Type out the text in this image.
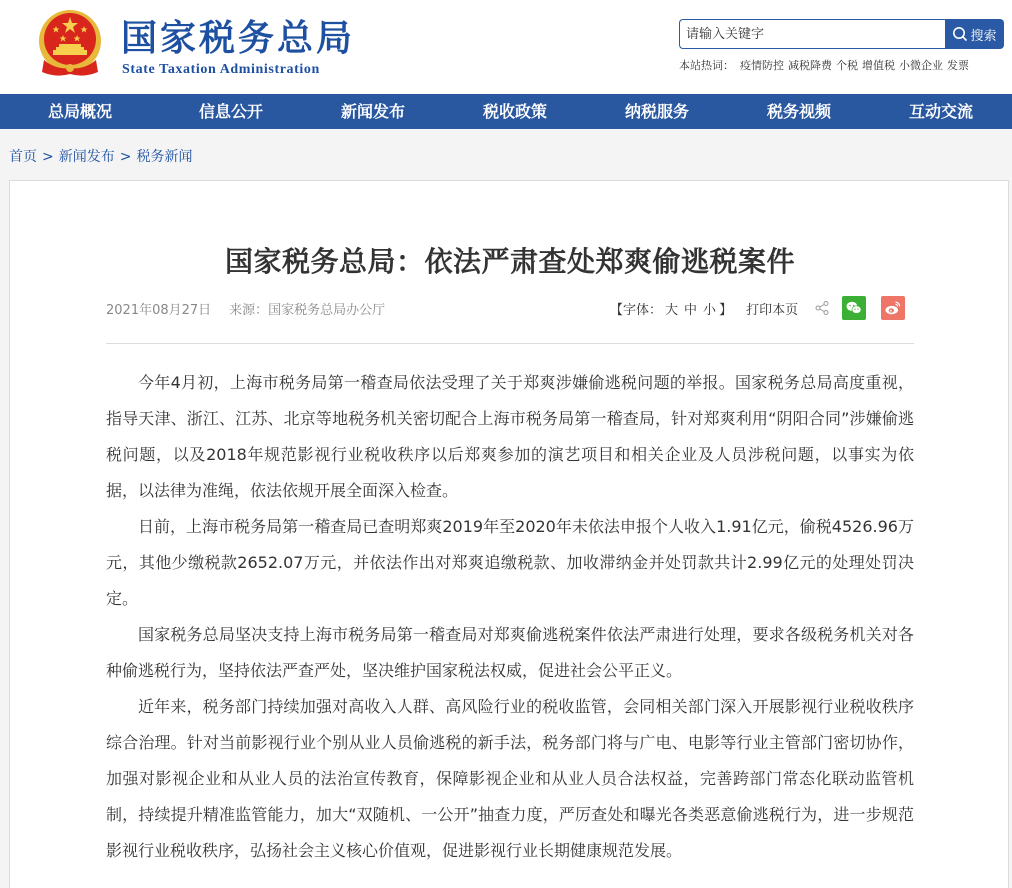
国家税务总局
State Taxation Administration
请输入关键字
搜索
本站热词： 疫情防控 减税降费 个税 增值税 小微企业 发票
总局概况	信息公开	新闻发布	税收政策	纳税服务	税务视频	互动交流
首页 > 新闻发布 > 税务新闻
国家税务总局：依法严肃查处郑爽偷逃税案件
2021年08月27日 来源：国家税务总局办公厅	【字体： 大 中 小 】 打印本页

今年4月初，上海市税务局第一稽查局依法受理了关于郑爽涉嫌偷逃税问题的举报。国家税务总局高度重视，指导天津、浙江、江苏、北京等地税务机关密切配合上海市税务局第一稽查局，针对郑爽利用“阴阳合同”涉嫌偷逃税问题，以及2018年规范影视行业税收秩序以后郑爽参加的演艺项目和相关企业及人员涉税问题，以事实为依据，以法律为准绳，依法依规开展全面深入检查。

日前，上海市税务局第一稽查局已查明郑爽2019年至2020年未依法申报个人收入1.91亿元，偷税4526.96万元，其他少缴税款2652.07万元，并依法作出对郑爽追缴税款、加收滞纳金并处罚款共计2.99亿元的处理处罚决定。

国家税务总局坚决支持上海市税务局第一稽查局对郑爽偷逃税案件依法严肃进行处理，要求各级税务机关对各种偷逃税行为，坚持依法严查严处，坚决维护国家税法权威，促进社会公平正义。

近年来，税务部门持续加强对高收入人群、高风险行业的税收监管，会同相关部门深入开展影视行业税收秩序综合治理。针对当前影视行业个别从业人员偷逃税的新手法，税务部门将与广电、电影等行业主管部门密切协作，加强对影视企业和从业人员的法治宣传教育，保障影视企业和从业人员合法权益，完善跨部门常态化联动监管机制，持续提升精准监管能力，加大“双随机、一公开”抽查力度，严厉查处和曝光各类恶意偷逃税行为，进一步规范影视行业税收秩序，弘扬社会主义核心价值观，促进影视行业长期健康规范发展。
